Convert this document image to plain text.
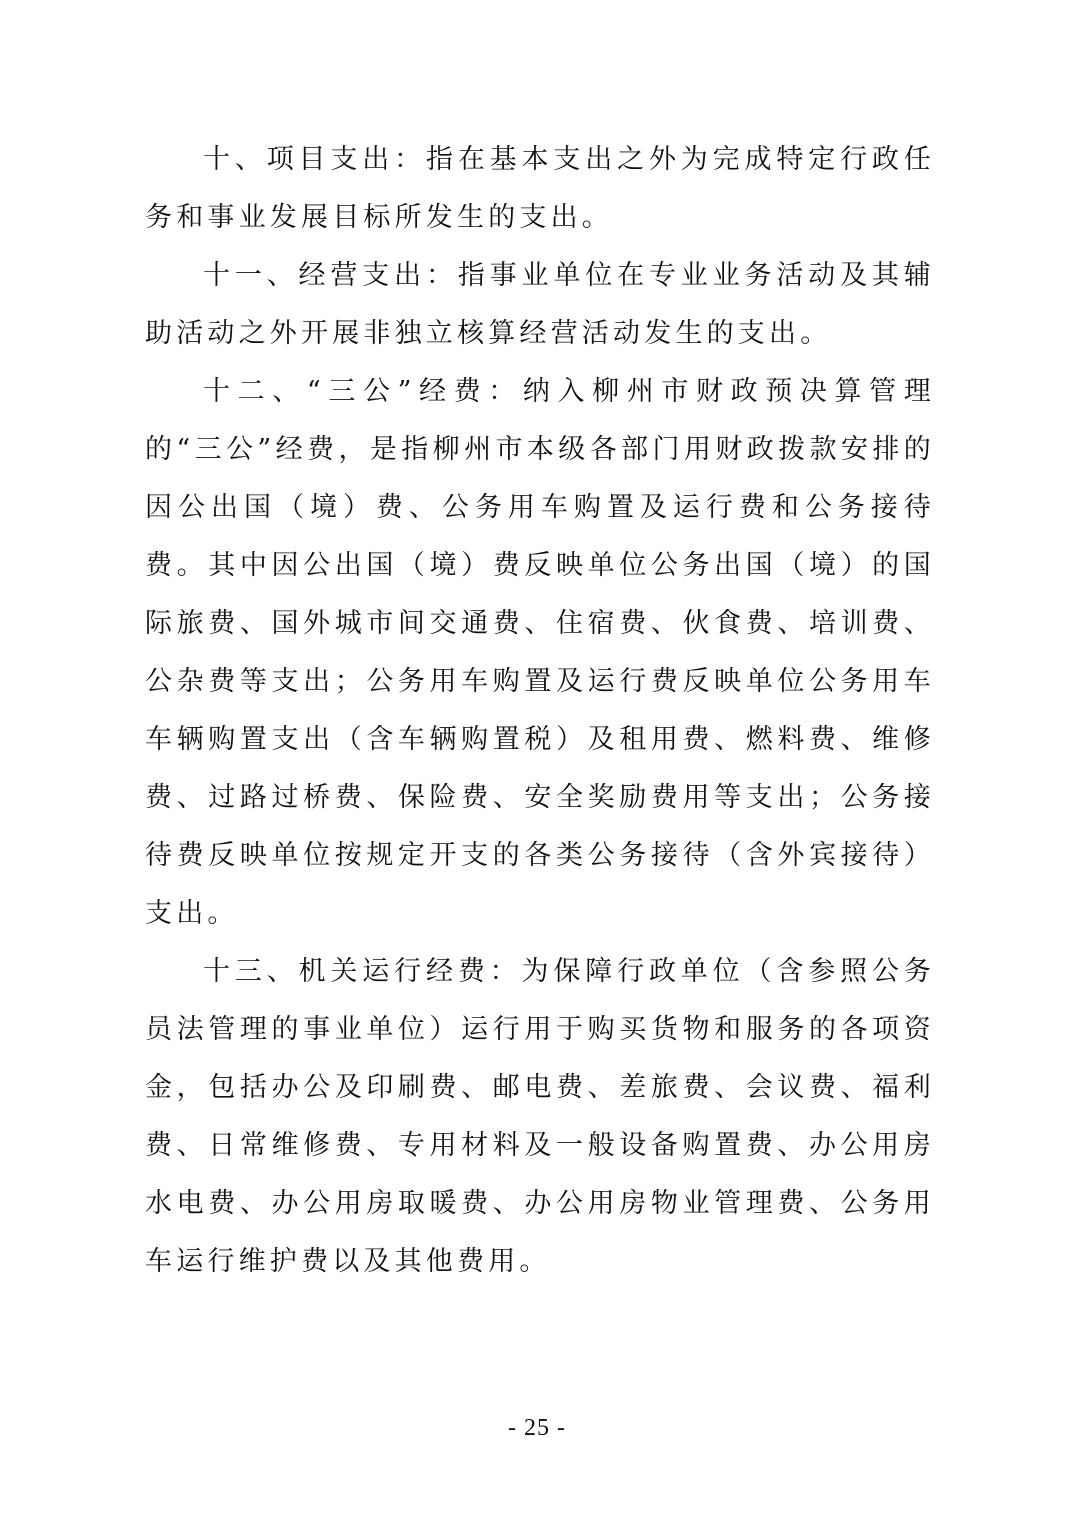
十、项目支出：指在基本支出之外为完成特定行政任务和事业发展目标所发生的支出。

十一、经营支出：指事业单位在专业业务活动及其辅助活动之外开展非独立核算经营活动发生的支出。

十二、“三公”经费：纳入柳州市财政预决算管理的“三公”经费，是指柳州市本级各部门用财政拨款安排的因公出国（境）费、公务用车购置及运行费和公务接待费。其中因公出国（境）费反映单位公务出国（境）的国际旅费、国外城市间交通费、住宿费、伙食费、培训费、公杂费等支出；公务用车购置及运行费反映单位公务用车车辆购置支出（含车辆购置税）及租用费、燃料费、维修费、过路过桥费、保险费、安全奖励费用等支出；公务接待费反映单位按规定开支的各类公务接待（含外宾接待）支出。

十三、机关运行经费：为保障行政单位（含参照公务员法管理的事业单位）运行用于购买货物和服务的各项资金，包括办公及印刷费、邮电费、差旅费、会议费、福利费、日常维修费、专用材料及一般设备购置费、办公用房水电费、办公用房取暖费、办公用房物业管理费、公务用车运行维护费以及其他费用。

- 25 -
